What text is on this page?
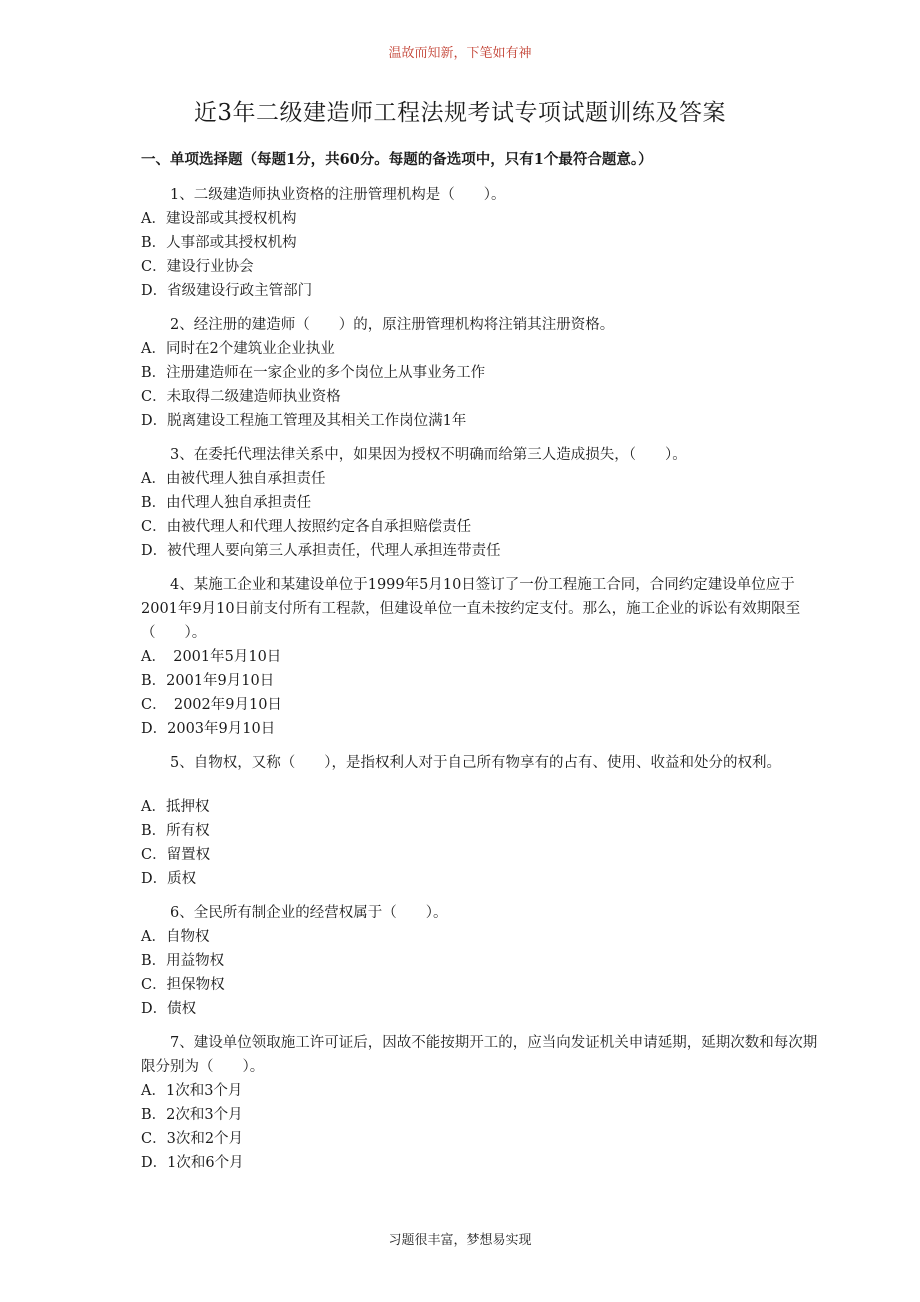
温故而知新，下笔如有神
近3年二级建造师工程法规考试专项试题训练及答案
一、单项选择题（每题1分，共60分。每题的备选项中，只有1个最符合题意。）
1、二级建造师执业资格的注册管理机构是（　　）。
A．建设部或其授权机构
B．人事部或其授权机构
C．建设行业协会
D．省级建设行政主管部门
2、经注册的建造师（　　）的，原注册管理机构将注销其注册资格。
A．同时在2个建筑业企业执业
B．注册建造师在一家企业的多个岗位上从事业务工作
C．未取得二级建造师执业资格
D．脱离建设工程施工管理及其相关工作岗位满1年
3、在委托代理法律关系中，如果因为授权不明确而给第三人造成损失，（　　）。
A．由被代理人独自承担责任
B．由代理人独自承担责任
C．由被代理人和代理人按照约定各自承担赔偿责任
D．被代理人要向第三人承担责任，代理人承担连带责任
4、某施工企业和某建设单位于1999年5月10日签订了一份工程施工合同，合同约定建设单位应于2001年9月10日前支付所有工程款，但建设单位一直未按约定支付。那么，施工企业的诉讼有效期限至（　　）。
A．　2001年5月10日
B．2001年9月10日
C．　2002年9月10日
D．2003年9月10日
5、自物权，又称（　　），是指权利人对于自己所有物享有的占有、使用、收益和处分的权利。
A．抵押权
B．所有权
C．留置权
D．质权
6、全民所有制企业的经营权属于（　　）。
A．自物权
B．用益物权
C．担保物权
D．债权
7、建设单位领取施工许可证后，因故不能按期开工的，应当向发证机关申请延期，延期次数和每次期限分别为（　　）。
A．1次和3个月
B．2次和3个月
C．3次和2个月
D．1次和6个月
习题很丰富，梦想易实现
